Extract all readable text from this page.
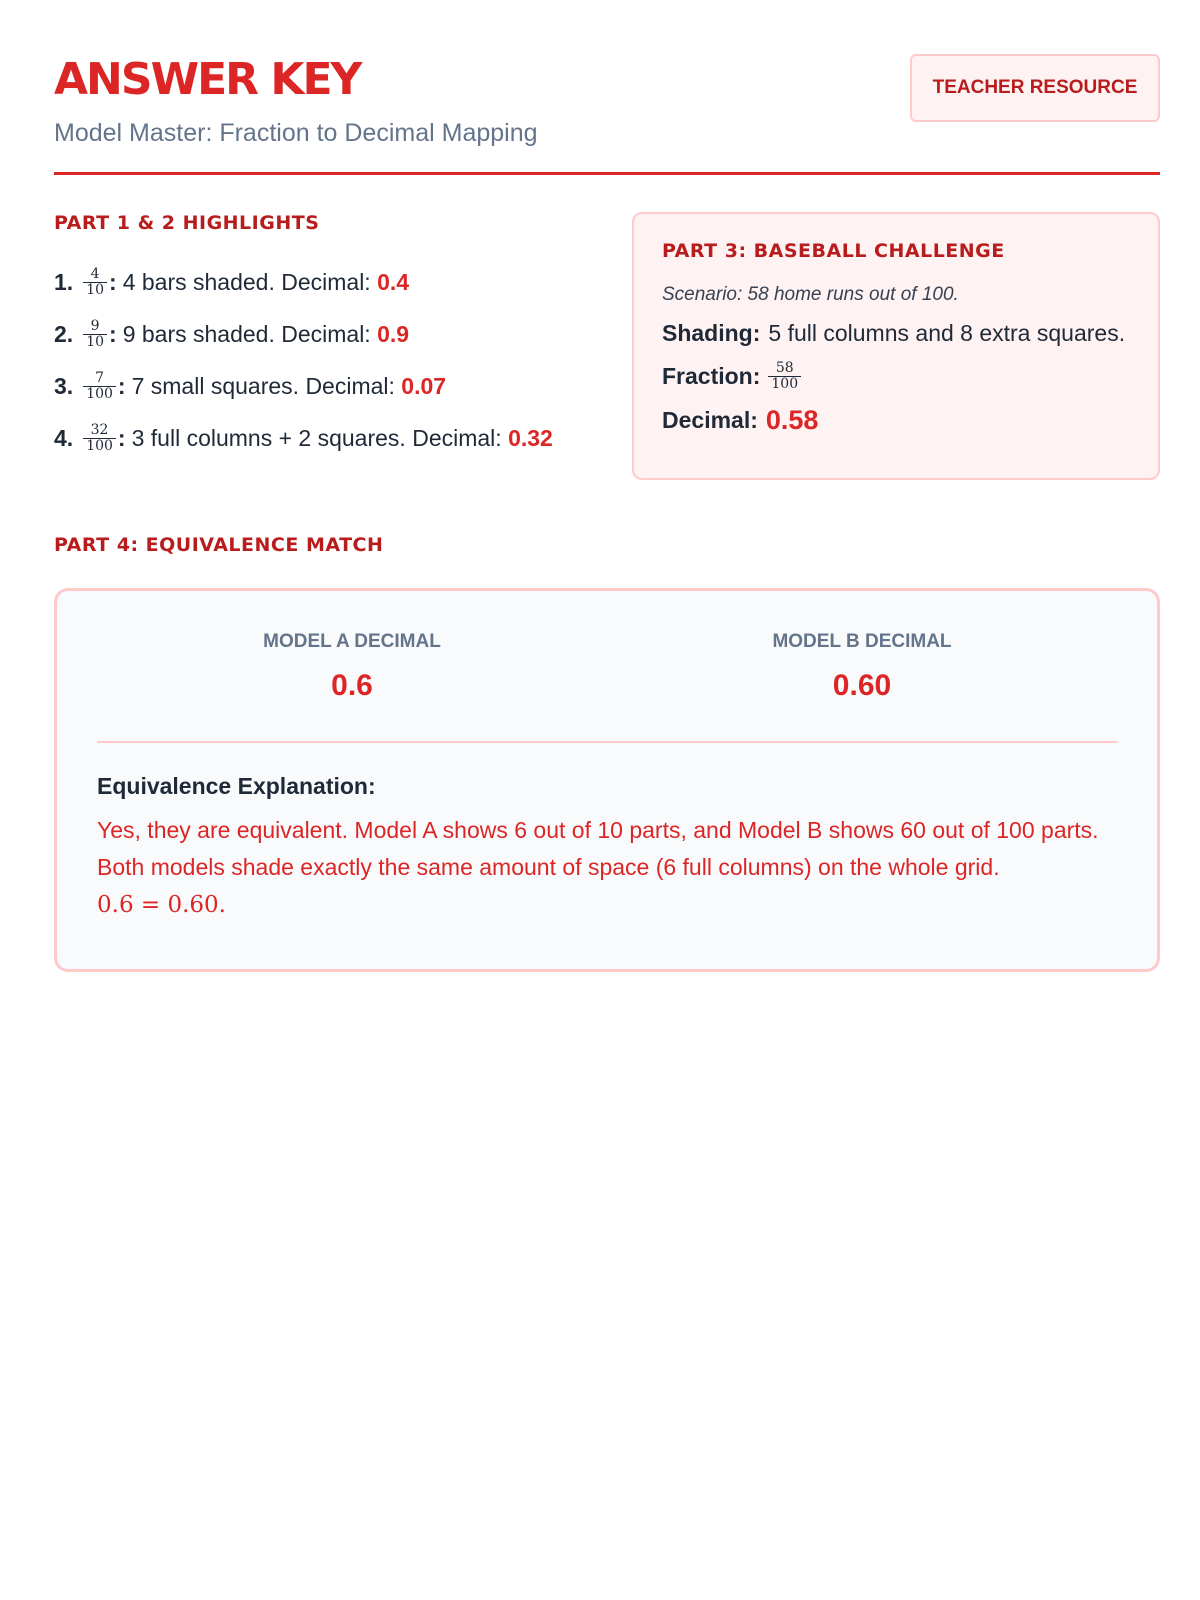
ANSWER KEY
Model Master: Fraction to Decimal Mapping
TEACHER RESOURCE
PART 1 & 2 HIGHLIGHTS
1. $\frac{4}{10}$ : 4 bars shaded. Decimal:
0.4
2. $\frac{9}{10}$ : 9 bars shaded. Decimal:
0.9
3. $\frac{7}{100}$ : 7 small squares. Decimal:
0.07
4. $\frac{32}{100}$ : 3 full columns + 2 squares. Decimal:
0.32
PART 3: BASEBALL CHALLENGE
Scenario: 58 home runs out of 100.
Shading: 5 full columns and 8 extra squares.
Fraction: $\frac{58}{100}$
Decimal: 0.58
PART 4: EQUIVALENCE MATCH
MODEL A DECIMAL
0.6
MODEL B DECIMAL
0.60
Equivalence Explanation:
Yes, they are equivalent. Model A shows 6 out of 10 parts, and Model B shows 60 out of 100 parts. Both models shade exactly the same amount of space (6 full columns) on the whole grid.
0.6 = 0.60.
